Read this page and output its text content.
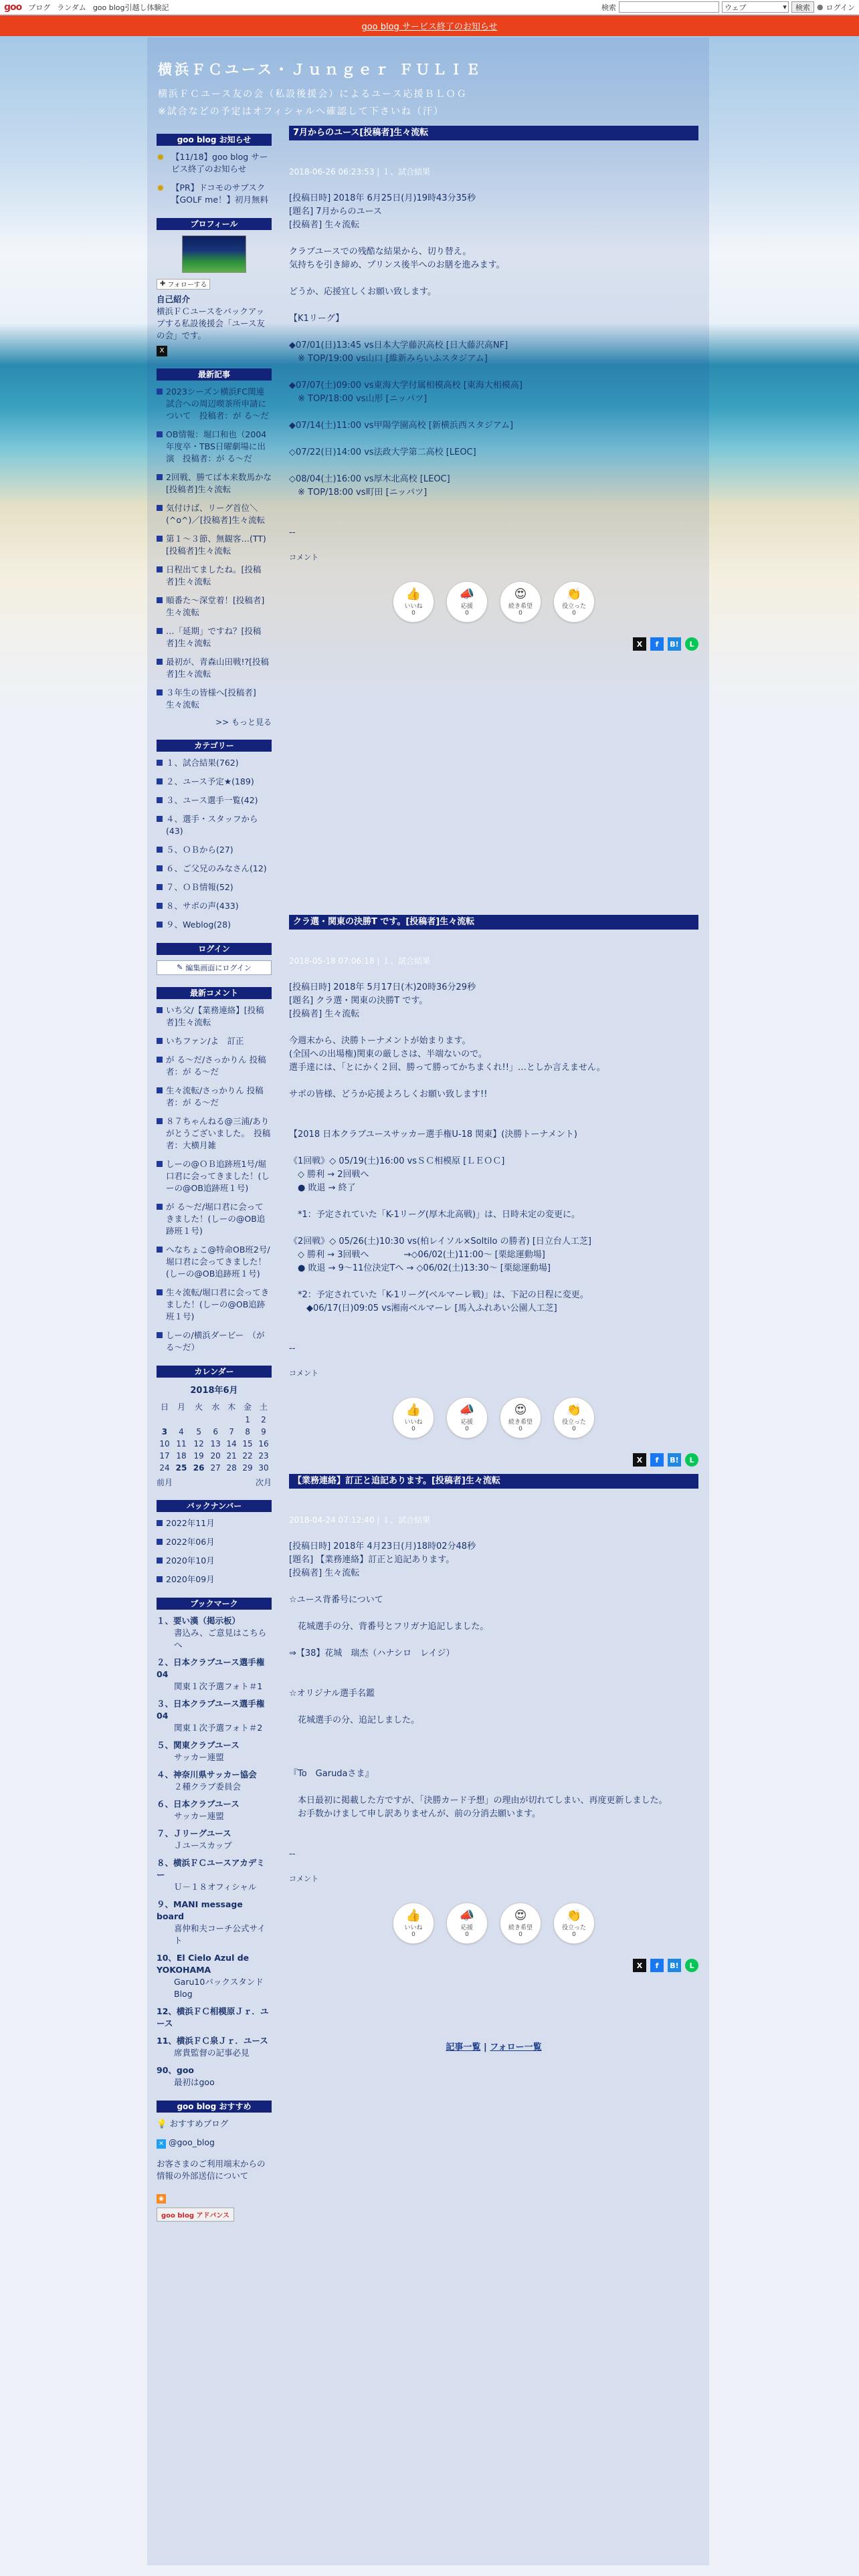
goo ブログ ランダム goo blog引越し体験記	検索	ウェブ	▾	検索 ● ログイン
goo blog サービス終了のお知らせ
横浜ＦＣユース・Ｊｕｎｇｅｒ ＦＵＬＩＥ
横浜ＦＣユース友の会（私設後援会）によるユース応援ＢＬＯＧ
※試合などの予定はオフィシャルへ確認して下さいね（汗）
goo blog お知らせ
✹ 【11/18】goo blog サービス終了のお知らせ
✹ 【PR】ドコモのサブスク【GOLF me！】初月無料
プロフィール
✚ フォローする
自己紹介
横浜ＦＣユースをバックアップする私設後援会「ユース友の会」です。
X
最新記事
2023シーズン横浜FC関連試合への周辺喫茶所申請について　投稿者：が る～だ
OB情報：堀口和也（2004年度卒・TBS日曜劇場に出演　投稿者：が る～だ
2回戦、勝てば本来数馬かな[投稿者]生々流転
気付けば、リーグ首位＼(^o^)／[投稿者]生々流転
第１～３節、無観客…(TT)[投稿者]生々流転
日程出てましたね。[投稿者]生々流転
順番た～深堂着！[投稿者]生々流転
…「延期」ですね？[投稿者]生々流転
最初が、青森山田戦!?[投稿者]生々流転
３年生の皆様へ[投稿者]生々流転
>> もっと見る
カテゴリー
１、試合結果(762)
２、ユース予定★(189)
３、ユース選手一覧(42)
４、選手・スタッフから(43)
５、ＯＢから(27)
６、ご父兄のみなさん(12)
７、ＯＢ情報(52)
８、サポの声(433)
９、Weblog(28)
ログイン
✎ 編集画面にログイン
最新コメント
いち父/【業務連絡】[投稿者]生々流転
いちファン/よ　訂正
が る～だ/さっかりん 投稿者：が る～だ
生々流転/さっかりん 投稿者：が る～だ
８７ちゃんねる@三浦/ありがとうございました。　投稿者：大横月雑
しーの@ＯＢ追跡班1号/堀口君に会ってきました！(しーの@OB追跡班１号)
が る～だ/堀口君に会ってきました！(しーの@OB追跡班１号)
へなちょこ@特命OB班2号/堀口君に会ってきました！(しーの@OB追跡班１号)
生々流転/堀口君に会ってきました！(しーの@OB追跡班１号)
しーの/横浜ダービー　（が る～だ）
カレンダー
2018年6月
日	月	火	水	木	金	土
					1	2
3	4	5	6	7	8	9
10	11	12	13	14	15	16
17	18	19	20	21	22	23
24	25	26	27	28	29	30
前月	次月
バックナンバー
2022年11月
2022年06月
2020年10月
2020年09月
ブックマーク
１、要い漢（掲示板）
書込み、ご意見はこちらへ
２、日本クラブユース選手権04
関東１次予選フォト＃1
３、日本クラブユース選手権04
関東１次予選フォト＃2
５、関東クラブユース
サッカー連盟
４、神奈川県サッカー協会
２種クラブ委員会
６、日本クラブユース
サッカー連盟
７、Ｊリーグユース
Ｊユースカップ
８、横浜ＦＣユースアカデミー
Ｕ－１８オフィシャル
９、MANI message board
喜仲和夫コーチ公式サイト
10、El Cielo Azul de YOKOHAMA
Garu10バックスタンドBlog
12、横浜ＦＣ相模原Ｊｒ．ユース
11、横浜ＦＣ泉Ｊｒ．ユース
席貴監督の記事必見
90、goo
最初はgoo
goo blog おすすめ
💡 おすすめブログ
✕ @goo_blog
お客さまのご利用端末からの情報の外部送信について
◉
goo blog アドバンス
7月からのユース[投稿者]生々流転
2018-06-26 06:23:53 | １、試合結果
[投稿日時] 2018年 6月25日(月)19時43分35秒
[題名] 7月からのユース
[投稿者] 生々流転
クラブユースでの残酷な結果から、切り替え。
気持ちを引き締め、プリンス後半へのお膳を進みます。
どうか、応援宜しくお願い致します。
【K1リーグ】
◆07/01(日)13:45 vs日本大学藤沢高校 [日大藤沢高NF]
　※ TOP/19:00 vs山口 [維新みらいふスタジアム]
◆07/07(土)09:00 vs東海大学付属相模高校 [東海大相模高]
　※ TOP/18:00 vs山形 [ニッパツ]
◆07/14(土)11:00 vs甲陽学園高校 [新横浜西スタジアム]
◇07/22(日)14:00 vs法政大学第二高校 [LEOC]
◇08/04(土)16:00 vs厚木北高校 [LEOC]
　※ TOP/18:00 vs町田 [ニッパツ]
--
コメント
👍
いいね
0
📣
応援
0
😍
続き希望
0
👏
役立った
0
X	f	B!	L
クラ選・関東の決勝T です。[投稿者]生々流転
2018-05-18 07:06:18 | １、試合結果
[投稿日時] 2018年 5月17日(木)20時36分29秒
[題名] クラ選・関東の決勝T です。
[投稿者] 生々流転
今週末から、決勝トーナメントが始まります。
(全国への出場権)関東の厳しさは、半端ないので。
選手達には、「とにかく２回、勝って勝ってかちまくれ!!」…としか言えません。
サポの皆様、どうか応援よろしくお願い致します!!
【2018 日本クラブユースサッカー選手権U-18 関東】(決勝トーナメント)
《1回戦》◇ 05/19(土)16:00 vsＳＣ相模原 [ＬＥＯＣ]
　◇ 勝利 → 2回戦へ
　● 敗退 → 終了
　*1：予定されていた「K-1リーグ(厚木北高戦)」は、日時未定の変更に。
《2回戦》◇ 05/26(土)10:30 vs(柏レイソル×Soltilo の勝者) [日立台人工芝]
　◇ 勝利 → 3回戦へ　　　　→◇06/02(土)11:00～ [栗総運動場]
　● 敗退 → 9～11位決定Tへ → ◇06/02(土)13:30～ [栗総運動場]
　*2：予定されていた「K-1リーグ(ベルマーレ戦)」は、下記の日程に変更。
　　◆06/17(日)09:05 vs湘南ベルマーレ [馬入ふれあい公園人工芝]
--
コメント
👍
いいね
0
📣
応援
0
😍
続き希望
0
👏
役立った
0
X	f	B!	L
【業務連絡】訂正と追記あります。[投稿者]生々流転
2018-04-24 07:12:40 | １、試合結果
[投稿日時] 2018年 4月23日(月)18時02分48秒
[題名] 【業務連絡】訂正と追記あります。
[投稿者] 生々流転
☆ユース背番号について
　花城選手の分、背番号とフリガナ追記しました。
⇒【38】花城　瑞杰（ハナシロ　レイジ）
☆オリジナル選手名鑑
　花城選手の分、追記しました。
『To　Garudaさま』
　本日最初に掲載した方ですが、「決勝カード予想」の理由が切れてしまい、再度更新しました。
　お手数かけまして申し訳ありませんが、前の分消去願います。
--
コメント
👍
いいね
0
📣
応援
0
😍
続き希望
0
👏
役立った
0
X	f	B!	L
記事一覧 | フォロー一覧
